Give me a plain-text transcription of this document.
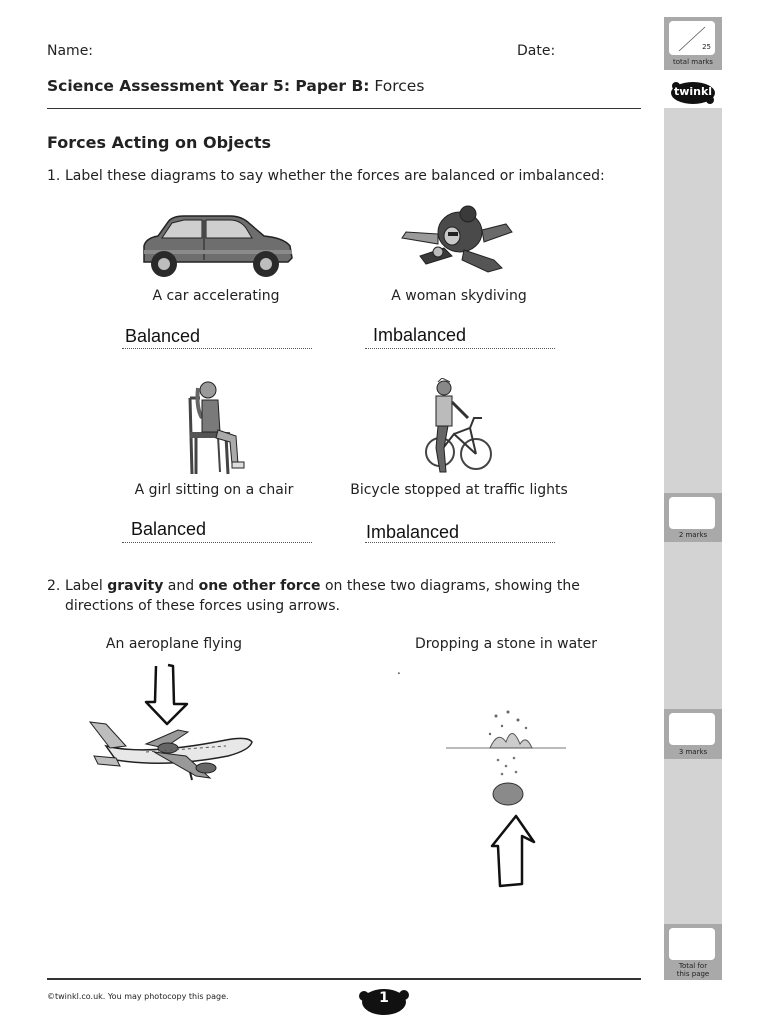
Name:	Date:
Science Assessment Year 5: Paper B: Forces
Forces Acting on Objects
1. Label these diagrams to say whether the forces are balanced or imbalanced:
A car accelerating	A woman skydiving
Balanced	Imbalanced
A girl sitting on a chair	Bicycle stopped at traffic lights
Balanced	Imbalanced
2. Label gravity and one other force on these two diagrams, showing the
directions of these forces using arrows.
An aeroplane flying	Dropping a stone in water
.
25
total marks
twinkl
2 marks
3 marks
Total for
this page
©twinkl.co.uk. You may photocopy this page.	1
